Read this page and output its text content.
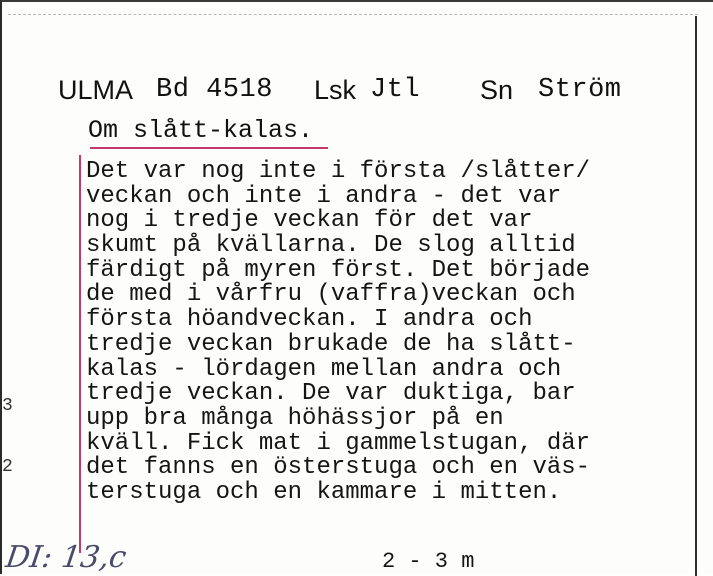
ULMA Bd 4518 Lsk Jtl Sn Ström
Om slått-kalas.
Det var nog inte i första /slåtter/
veckan och inte i andra - det var
nog i tredje veckan för det var
skumt på kvällarna. De slog alltid
färdigt på myren först. Det började
de med i vårfru (vaffra)veckan och
första höandveckan. I andra och
tredje veckan brukade de ha slått-
kalas - lördagen mellan andra och
tredje veckan. De var duktiga, bar
upp bra många höhässjor på en
kväll. Fick mat i gammelstugan, där
det fanns en österstuga och en väs-
terstuga och en kammare i mitten.
2 - 3 m
DI: 13,c
3
2
